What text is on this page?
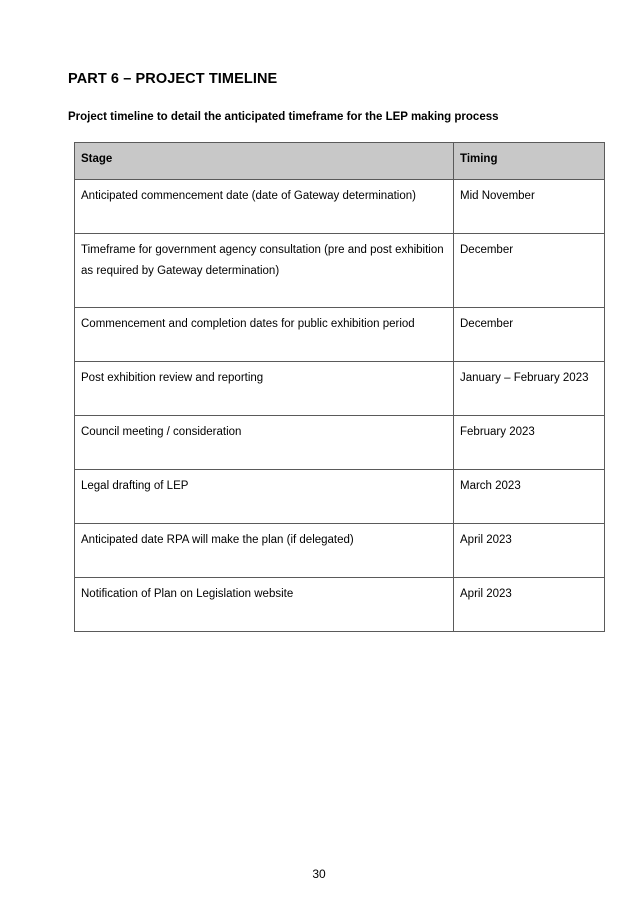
PART 6 – PROJECT TIMELINE

Project timeline to detail the anticipated timeframe for the LEP making process

Stage	Timing
Anticipated commencement date (date of Gateway determination)	Mid November
Timeframe for government agency consultation (pre and post exhibition as required by Gateway determination)	December
Commencement and completion dates for public exhibition period	December
Post exhibition review and reporting	January – February 2023
Council meeting / consideration	February 2023
Legal drafting of LEP	March 2023
Anticipated date RPA will make the plan (if delegated)	April 2023
Notification of Plan on Legislation website	April 2023
30
